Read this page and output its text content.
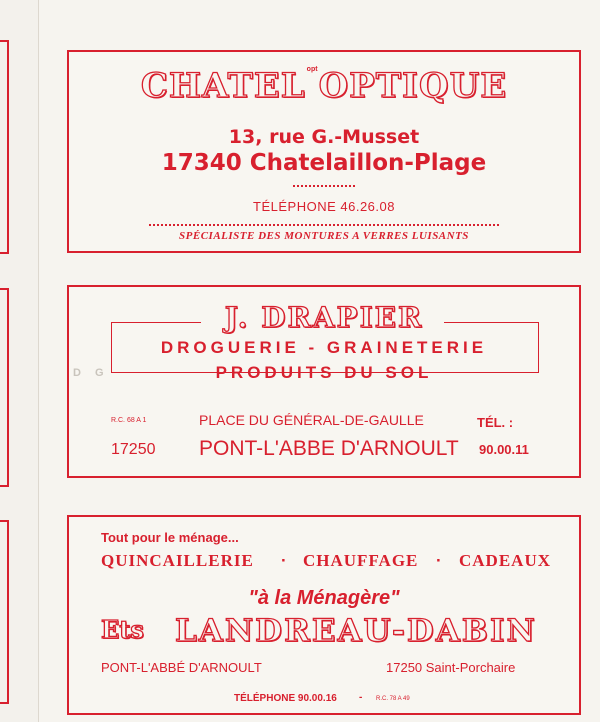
$CHATEL^{opt}OPTIQUE$
13, rue G.-Musset
17340 Chatelaillon-Plage
TÉLÉPHONE 46.26.08
SPÉCIALISTE DES MONTURES A VERRES LUISANTS
J. DRAPIER
DROGUERIE - GRAINETERIE
PRODUITS DU SOL
DG
R.C. 68 A 1	PLACE DU GÉNÉRAL-DE-GAULLE	TÉL. :
17250 PONT-L'ABBE D'ARNOULT 90.00.11
Tout pour le ménage...
QUINCAILLERIE · CHAUFFAGE · CADEAUX
"à la Ménagère"
Ets LANDREAU-DABIN
PONT-L'ABBÉ D'ARNOULT	17250 Saint-Porchaire
TÉLÉPHONE 90.00.16 - R.C. 78 A 49
